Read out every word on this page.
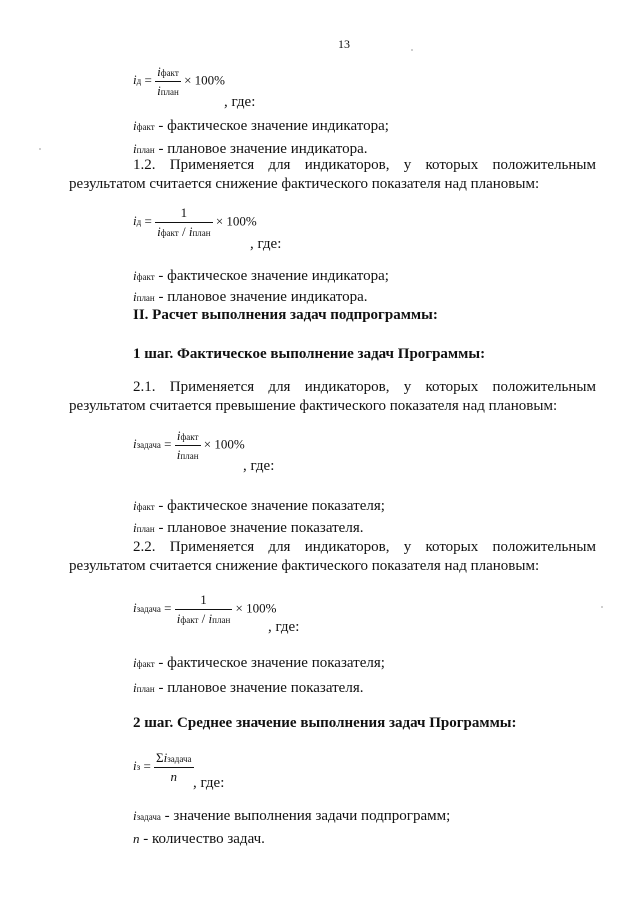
13
iд = $\frac{\text{iфакт}}{\text{iплан}} \times 100\%$
, где:
iфакт - фактическое значение индикатора;
iплан - плановое значение индикатора.
1.2. Применяется для индикаторов, у которых положительным
результатом считается снижение фактического показателя над плановым:
iд = $\frac{1}{\text{iфакт / iплан}} \times 100\%$
, где:
iфакт - фактическое значение индикатора;
iплан - плановое значение индикатора.
II. Расчет выполнения задач подпрограммы:
1 шаг. Фактическое выполнение задач Программы:
2.1. Применяется для индикаторов, у которых положительным
результатом считается превышение фактического показателя над плановым:
iзадача = $\frac{\text{iфакт}}{\text{iплан}} \times 100\%$
, где:
iфакт - фактическое значение показателя;
iплан - плановое значение показателя.
2.2. Применяется для индикаторов, у которых положительным
результатом считается снижение фактического показателя над плановым:
iзадача = $\frac{1}{\text{iфакт / iплан}} \times 100\%$
, где:
iфакт - фактическое значение показателя;
iплан - плановое значение показателя.
2 шаг. Среднее значение выполнения задач Программы:
iз = $\frac{\text{Σiзадача}}{n}$ , где:
iзадача - значение выполнения задачи подпрограмм;
n - количество задач.
